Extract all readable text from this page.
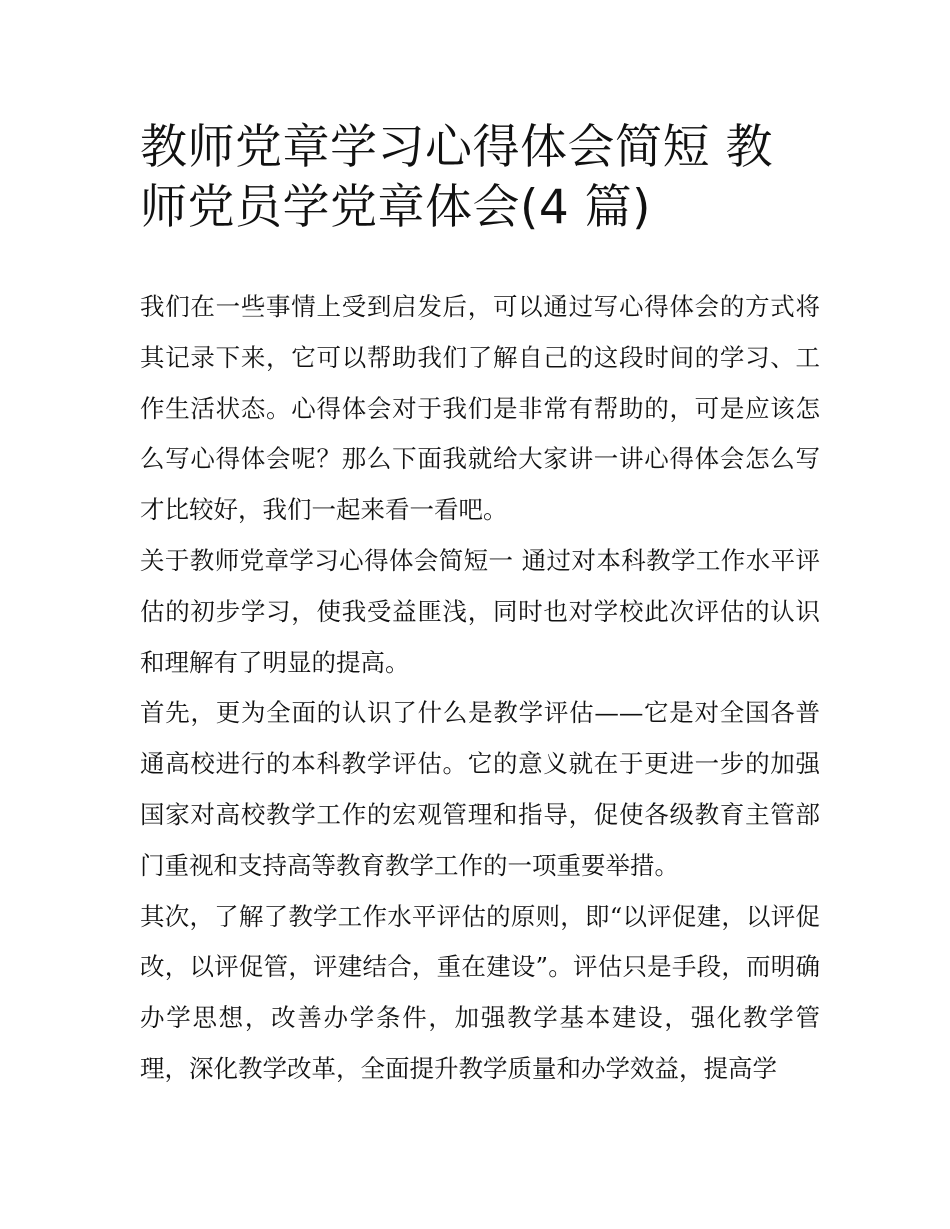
教师党章学习心得体会简短 教师党员学党章体会(4 篇)

我们在一些事情上受到启发后，可以通过写心得体会的方式将其记录下来，它可以帮助我们了解自己的这段时间的学习、工作生活状态。心得体会对于我们是非常有帮助的，可是应该怎么写心得体会呢？那么下面我就给大家讲一讲心得体会怎么写才比较好，我们一起来看一看吧。

关于教师党章学习心得体会简短一 通过对本科教学工作水平评估的初步学习，使我受益匪浅，同时也对学校此次评估的认识和理解有了明显的提高。

首先，更为全面的认识了什么是教学评估——它是对全国各普通高校进行的本科教学评估。它的意义就在于更进一步的加强国家对高校教学工作的宏观管理和指导，促使各级教育主管部门重视和支持高等教育教学工作的一项重要举措。

其次，了解了教学工作水平评估的原则，即“以评促建，以评促改，以评促管，评建结合，重在建设”。评估只是手段，而明确办学思想，改善办学条件，加强教学基本建设，强化教学管理，深化教学改革，全面提升教学质量和办学效益，提高学
